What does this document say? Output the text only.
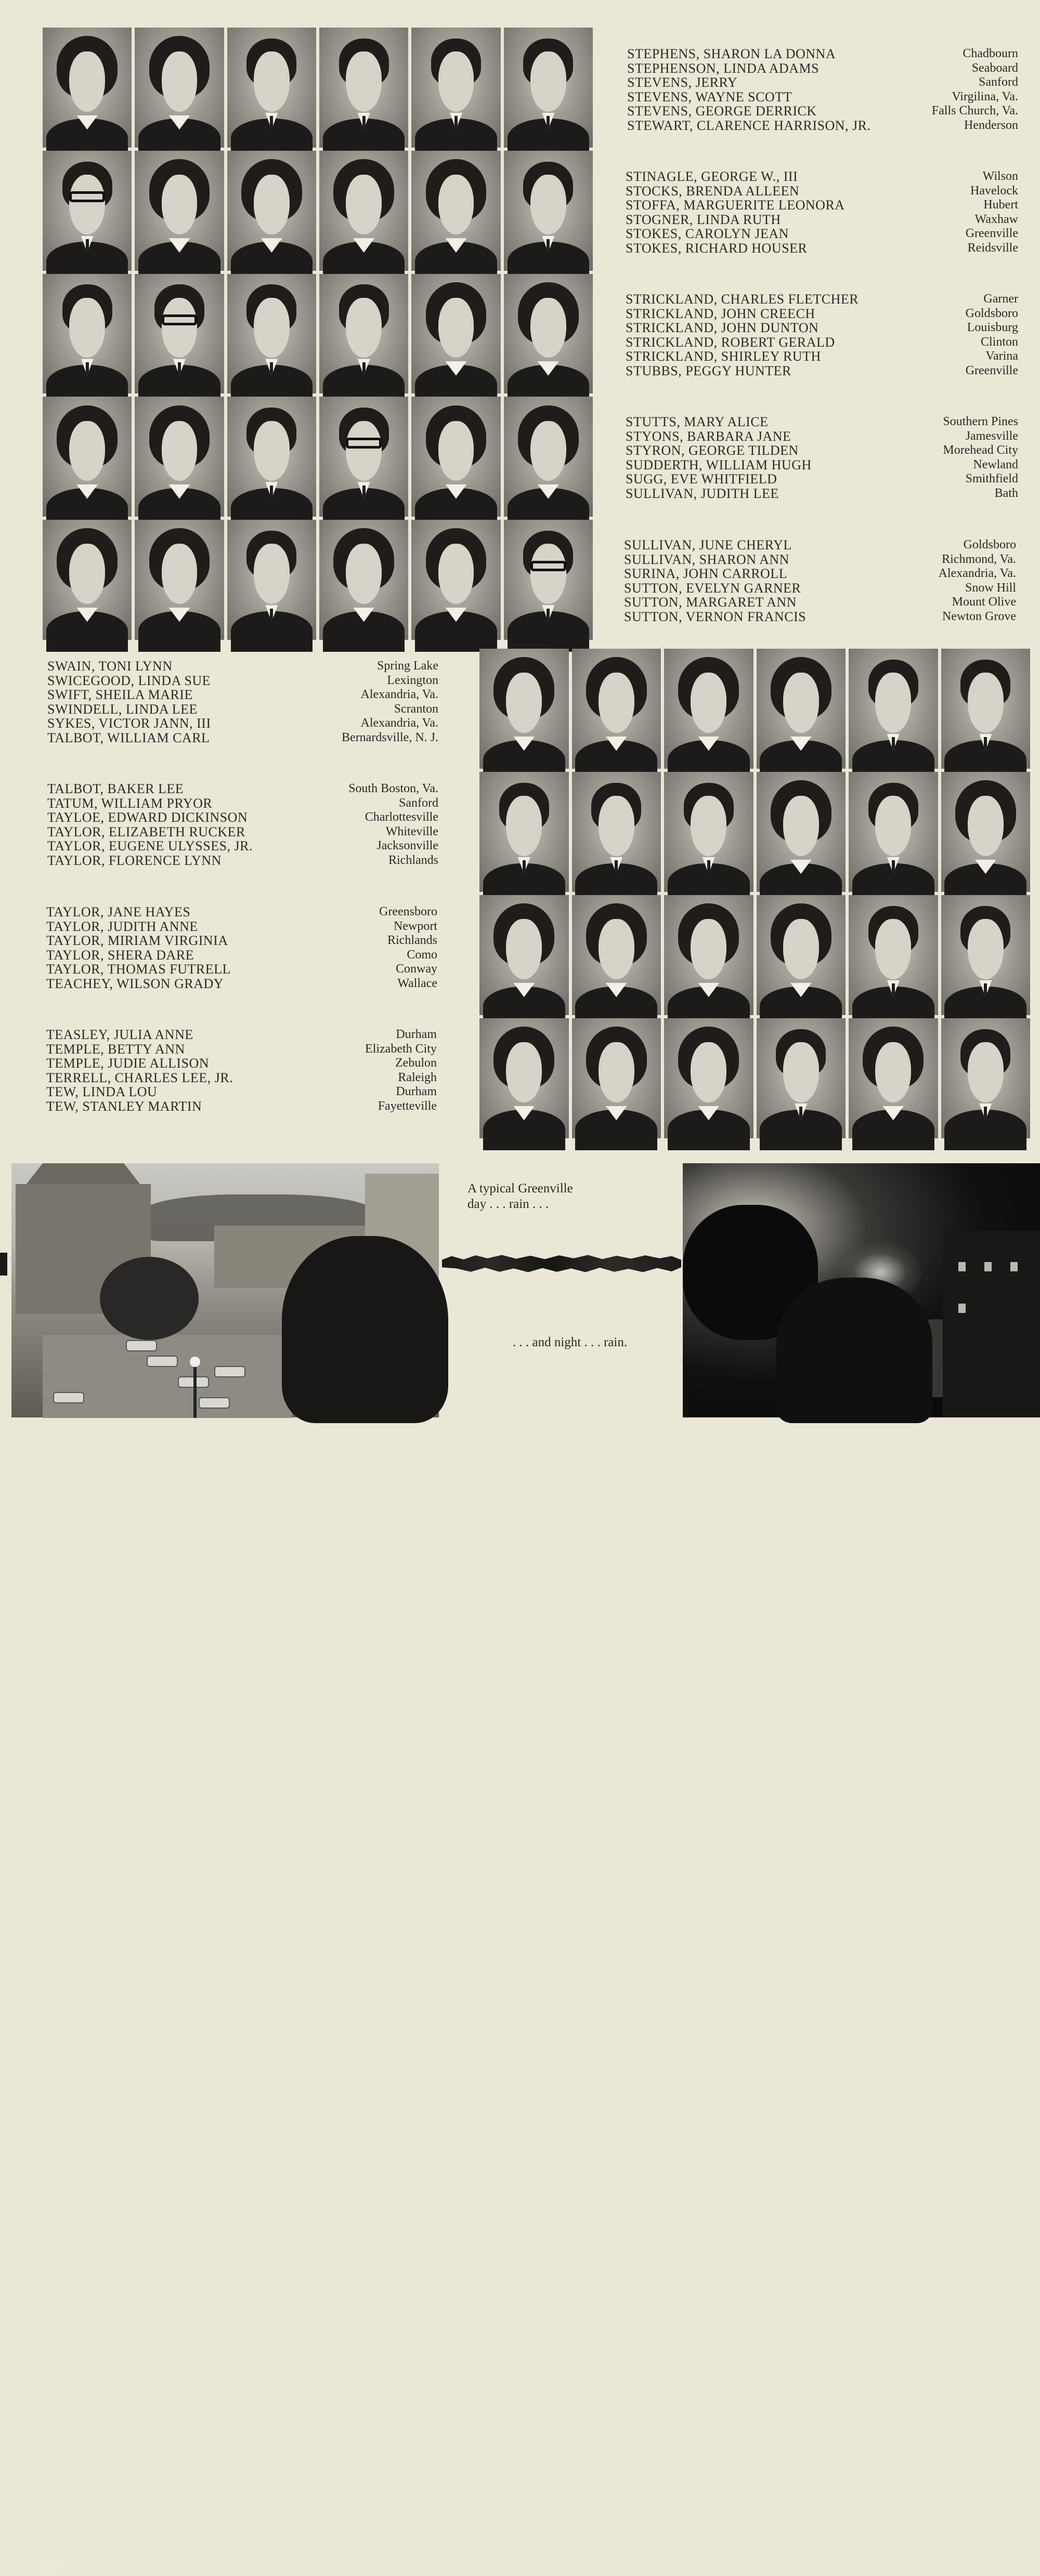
STEPHENS, SHARON LA DONNA	Chadbourn
STEPHENSON, LINDA ADAMS	Seaboard
STEVENS, JERRY	Sanford
STEVENS, WAYNE SCOTT	Virgilina, Va.
STEVENS, GEORGE DERRICK	Falls Church, Va.
STEWART, CLARENCE HARRISON, JR.	Henderson
STINAGLE, GEORGE W., III	Wilson
STOCKS, BRENDA ALLEEN	Havelock
STOFFA, MARGUERITE LEONORA	Hubert
STOGNER, LINDA RUTH	Waxhaw
STOKES, CAROLYN JEAN	Greenville
STOKES, RICHARD HOUSER	Reidsville
STRICKLAND, CHARLES FLETCHER	Garner
STRICKLAND, JOHN CREECH	Goldsboro
STRICKLAND, JOHN DUNTON	Louisburg
STRICKLAND, ROBERT GERALD	Clinton
STRICKLAND, SHIRLEY RUTH	Varina
STUBBS, PEGGY HUNTER	Greenville
STUTTS, MARY ALICE	Southern Pines
STYONS, BARBARA JANE	Jamesville
STYRON, GEORGE TILDEN	Morehead City
SUDDERTH, WILLIAM HUGH	Newland
SUGG, EVE WHITFIELD	Smithfield
SULLIVAN, JUDITH LEE	Bath
SULLIVAN, JUNE CHERYL	Goldsboro
SULLIVAN, SHARON ANN	Richmond, Va.
SURINA, JOHN CARROLL	Alexandria, Va.
SUTTON, EVELYN GARNER	Snow Hill
SUTTON, MARGARET ANN	Mount Olive
SUTTON, VERNON FRANCIS	Newton Grove
SWAIN, TONI LYNN	Spring Lake
SWICEGOOD, LINDA SUE	Lexington
SWIFT, SHEILA MARIE	Alexandria, Va.
SWINDELL, LINDA LEE	Scranton
SYKES, VICTOR JANN, III	Alexandria, Va.
TALBOT, WILLIAM CARL	Bernardsville, N. J.
TALBOT, BAKER LEE	South Boston, Va.
TATUM, WILLIAM PRYOR	Sanford
TAYLOE, EDWARD DICKINSON	Charlottesville
TAYLOR, ELIZABETH RUCKER	Whiteville
TAYLOR, EUGENE ULYSSES, JR.	Jacksonville
TAYLOR, FLORENCE LYNN	Richlands
TAYLOR, JANE HAYES	Greensboro
TAYLOR, JUDITH ANNE	Newport
TAYLOR, MIRIAM VIRGINIA	Richlands
TAYLOR, SHERA DARE	Como
TAYLOR, THOMAS FUTRELL	Conway
TEACHEY, WILSON GRADY	Wallace
TEASLEY, JULIA ANNE	Durham
TEMPLE, BETTY ANN	Elizabeth City
TEMPLE, JUDIE ALLISON	Zebulon
TERRELL, CHARLES LEE, JR.	Raleigh
TEW, LINDA LOU	Durham
TEW, STANLEY MARTIN	Fayetteville
292
A typical Greenville
day . . . rain . . .
. . . and night . . . rain.
